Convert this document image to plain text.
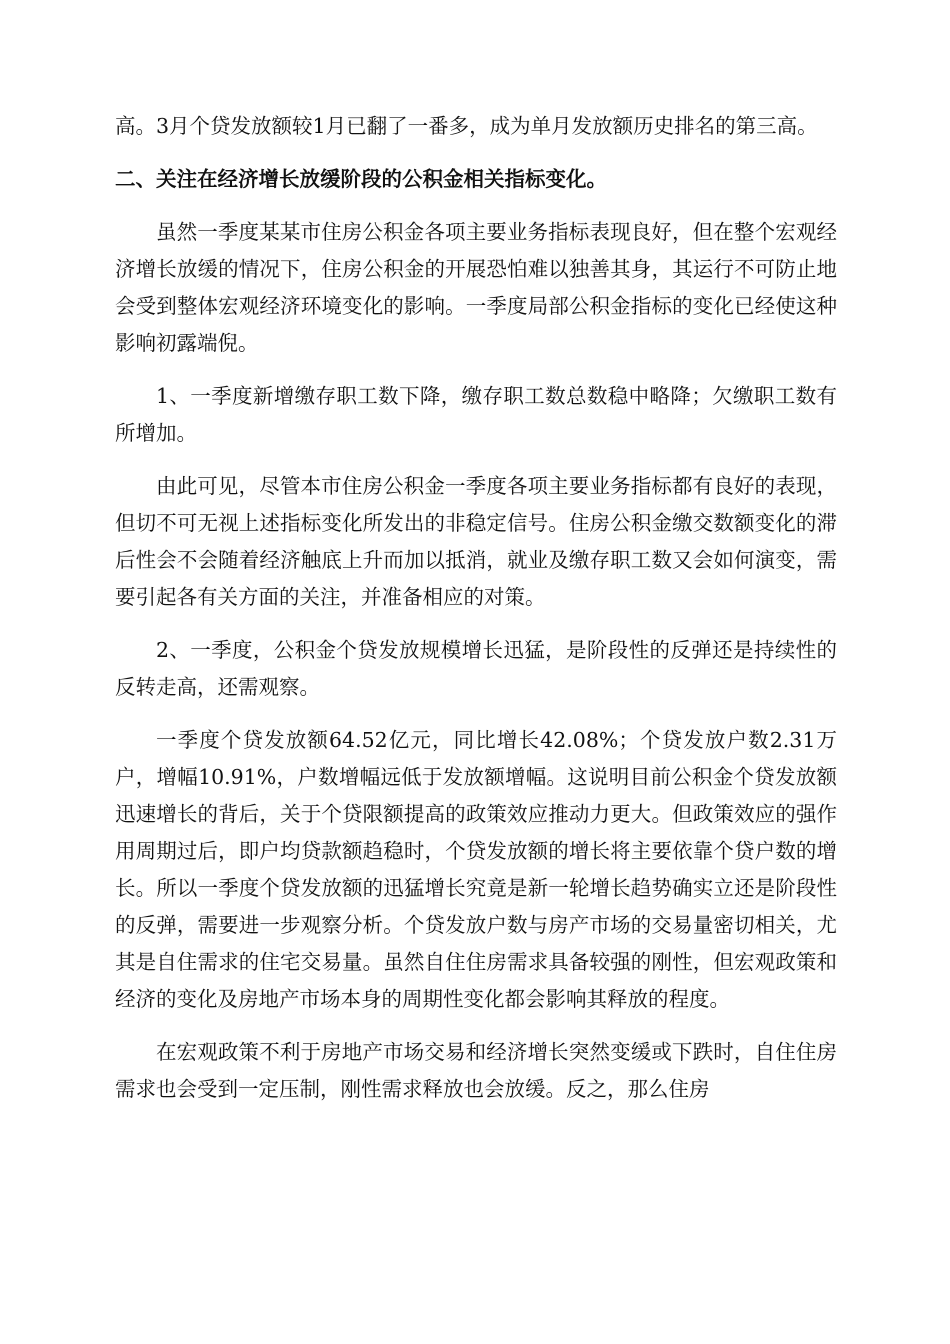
高。3月个贷发放额较1月已翻了一番多，成为单月发放额历史排名的第三高。

二、关注在经济增长放缓阶段的公积金相关指标变化。

虽然一季度某某市住房公积金各项主要业务指标表现良好，但在整个宏观经济增长放缓的情况下，住房公积金的开展恐怕难以独善其身，其运行不可防止地会受到整体宏观经济环境变化的影响。一季度局部公积金指标的变化已经使这种影响初露端倪。

1、一季度新增缴存职工数下降，缴存职工数总数稳中略降；欠缴职工数有所增加。

由此可见，尽管本市住房公积金一季度各项主要业务指标都有良好的表现，但切不可无视上述指标变化所发出的非稳定信号。住房公积金缴交数额变化的滞后性会不会随着经济触底上升而加以抵消，就业及缴存职工数又会如何演变，需要引起各有关方面的关注，并准备相应的对策。

2、一季度，公积金个贷发放规模增长迅猛，是阶段性的反弹还是持续性的反转走高，还需观察。

一季度个贷发放额64.52亿元，同比增长42.08%；个贷发放户数2.31万户，增幅10.91%，户数增幅远低于发放额增幅。这说明目前公积金个贷发放额迅速增长的背后，关于个贷限额提高的政策效应推动力更大。但政策效应的强作用周期过后，即户均贷款额趋稳时，个贷发放额的增长将主要依靠个贷户数的增长。所以一季度个贷发放额的迅猛增长究竟是新一轮增长趋势确实立还是阶段性的反弹，需要进一步观察分析。个贷发放户数与房产市场的交易量密切相关，尤其是自住需求的住宅交易量。虽然自住住房需求具备较强的刚性，但宏观政策和经济的变化及房地产市场本身的周期性变化都会影响其释放的程度。

在宏观政策不利于房地产市场交易和经济增长突然变缓或下跌时，自住住房需求也会受到一定压制，刚性需求释放也会放缓。反之，那么住房
